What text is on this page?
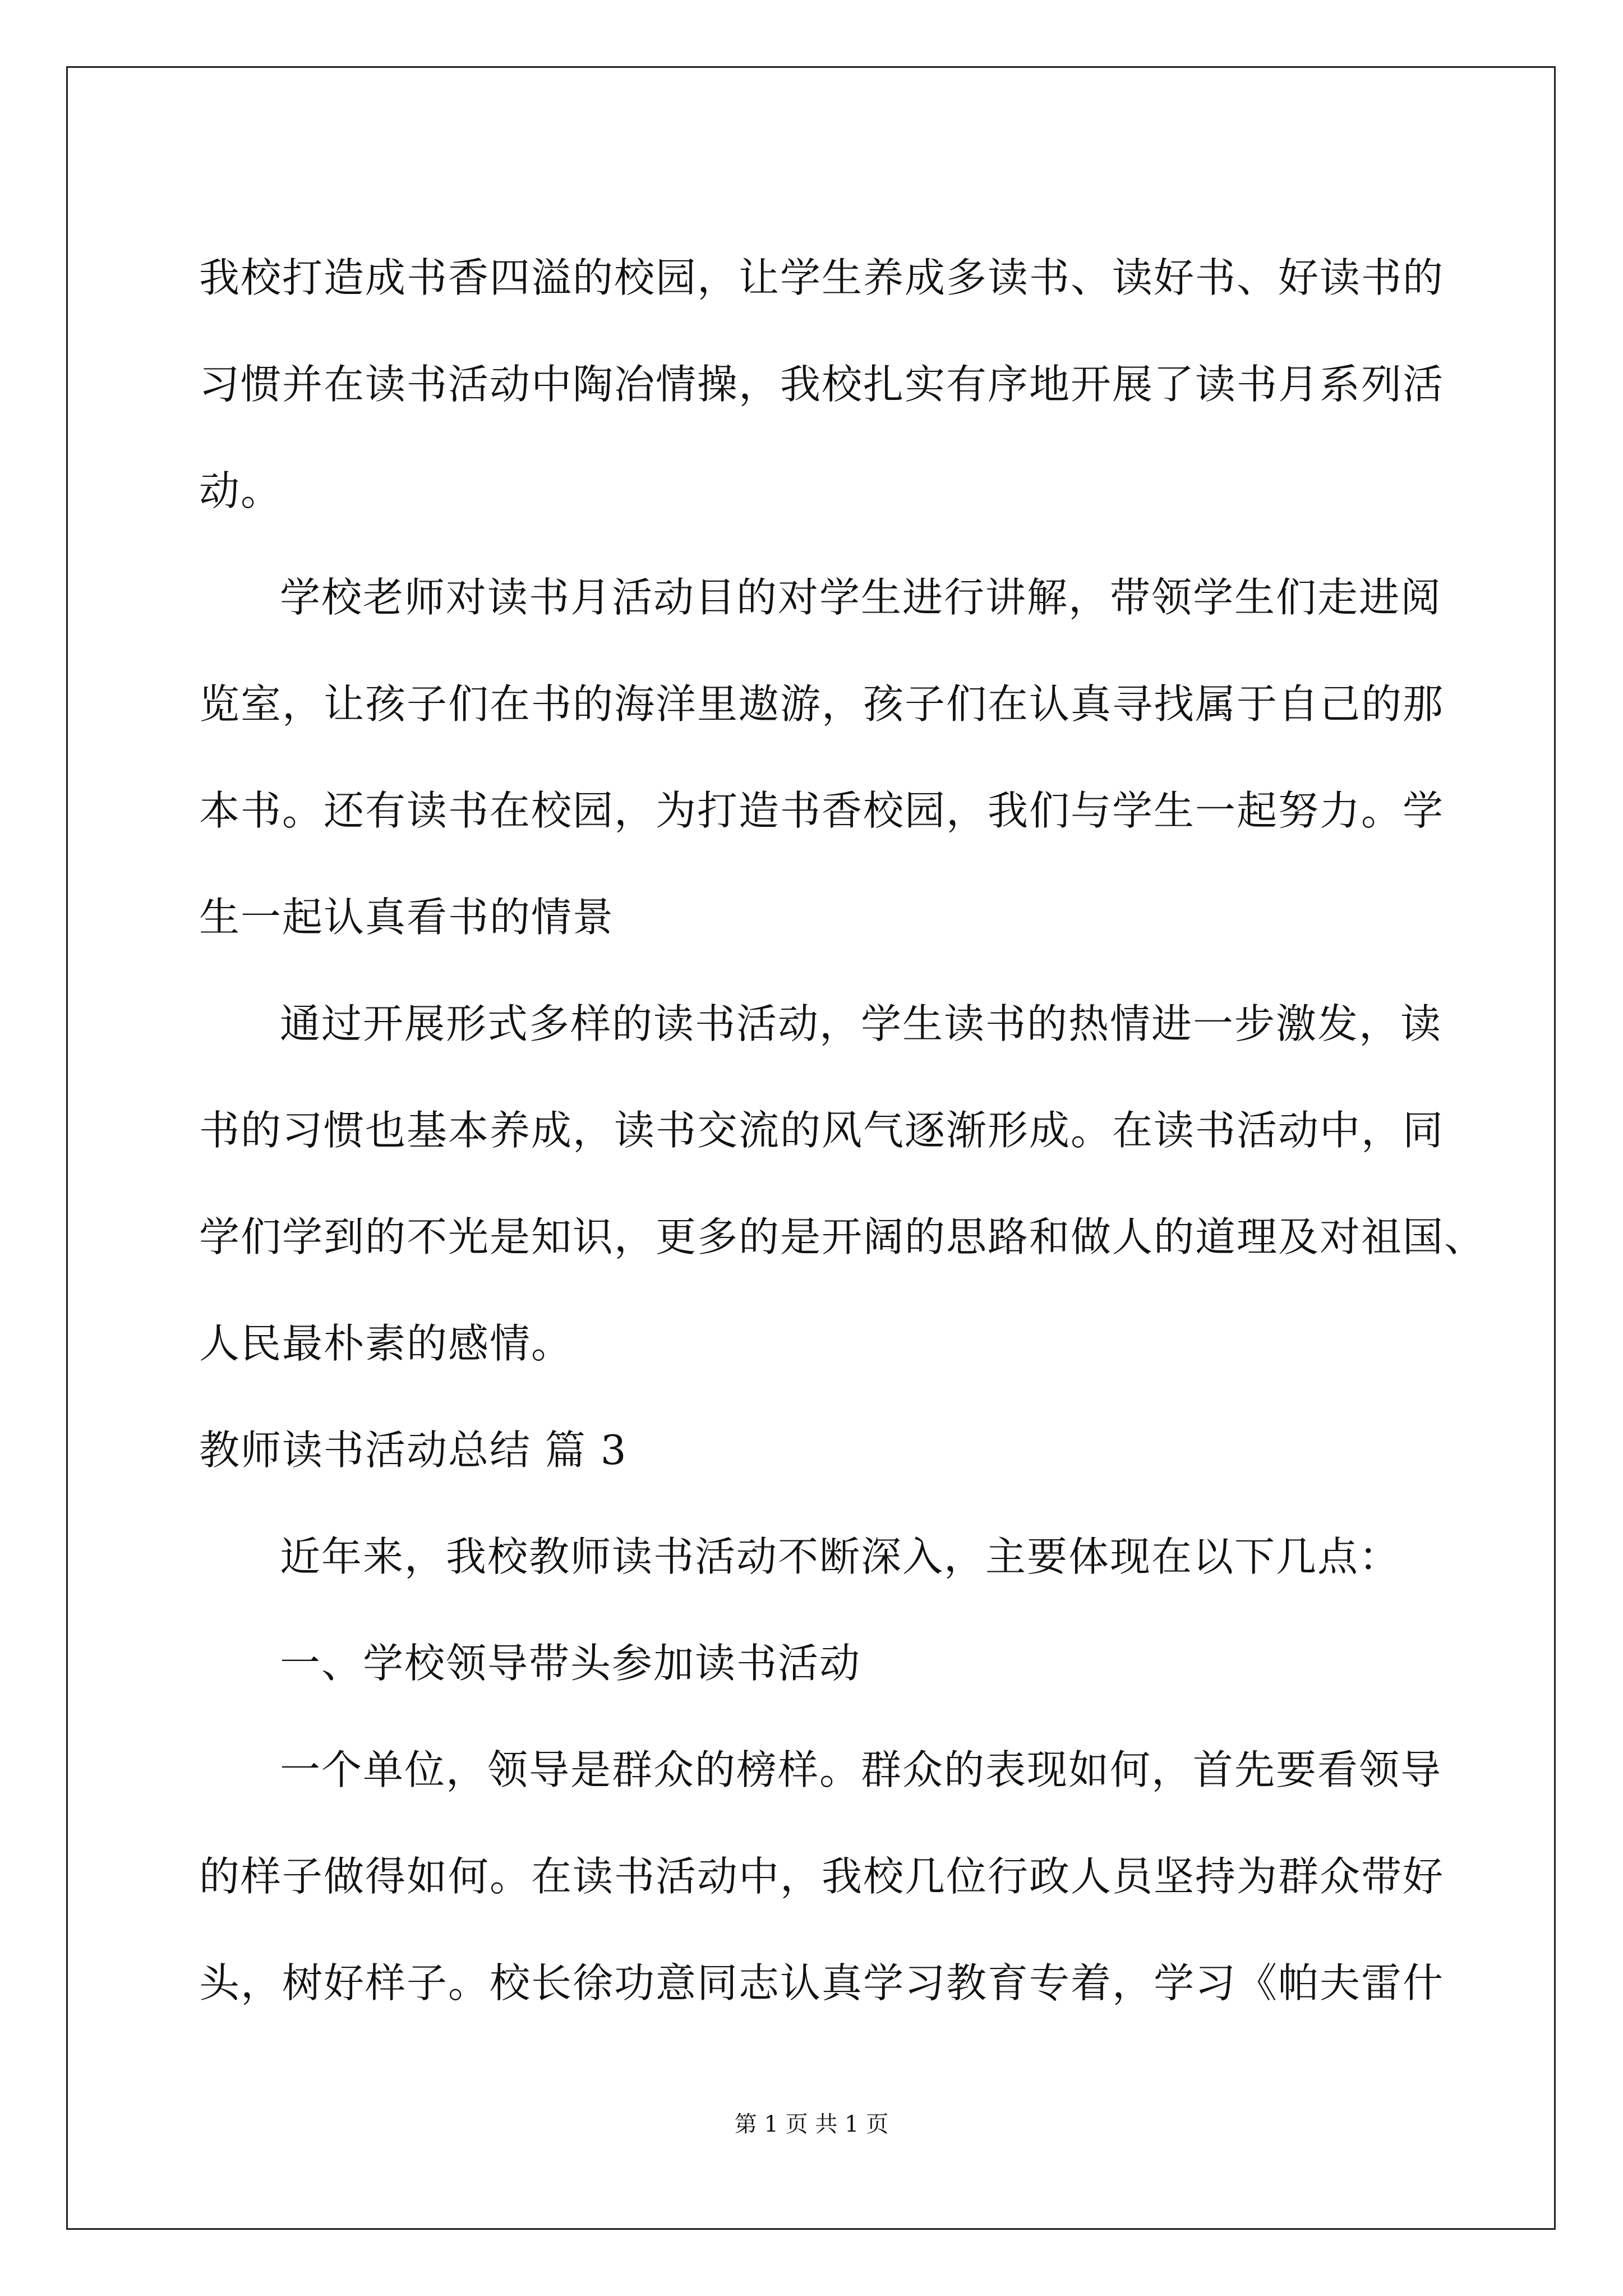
我校打造成书香四溢的校园，让学生养成多读书、读好书、好读书的
习惯并在读书活动中陶冶情操，我校扎实有序地开展了读书月系列活
动。
学校老师对读书月活动目的对学生进行讲解，带领学生们走进阅
览室，让孩子们在书的海洋里遨游，孩子们在认真寻找属于自己的那
本书。还有读书在校园，为打造书香校园，我们与学生一起努力。学
生一起认真看书的情景
通过开展形式多样的读书活动，学生读书的热情进一步激发，读
书的习惯也基本养成，读书交流的风气逐渐形成。在读书活动中，同
学们学到的不光是知识，更多的是开阔的思路和做人的道理及对祖国、
人民最朴素的感情。
教师读书活动总结 篇 3
近年来，我校教师读书活动不断深入，主要体现在以下几点：
一、学校领导带头参加读书活动
一个单位，领导是群众的榜样。群众的表现如何，首先要看领导
的样子做得如何。在读书活动中，我校几位行政人员坚持为群众带好
头，树好样子。校长徐功意同志认真学习教育专着，学习《帕夫雷什
第 1 页 共 1 页
